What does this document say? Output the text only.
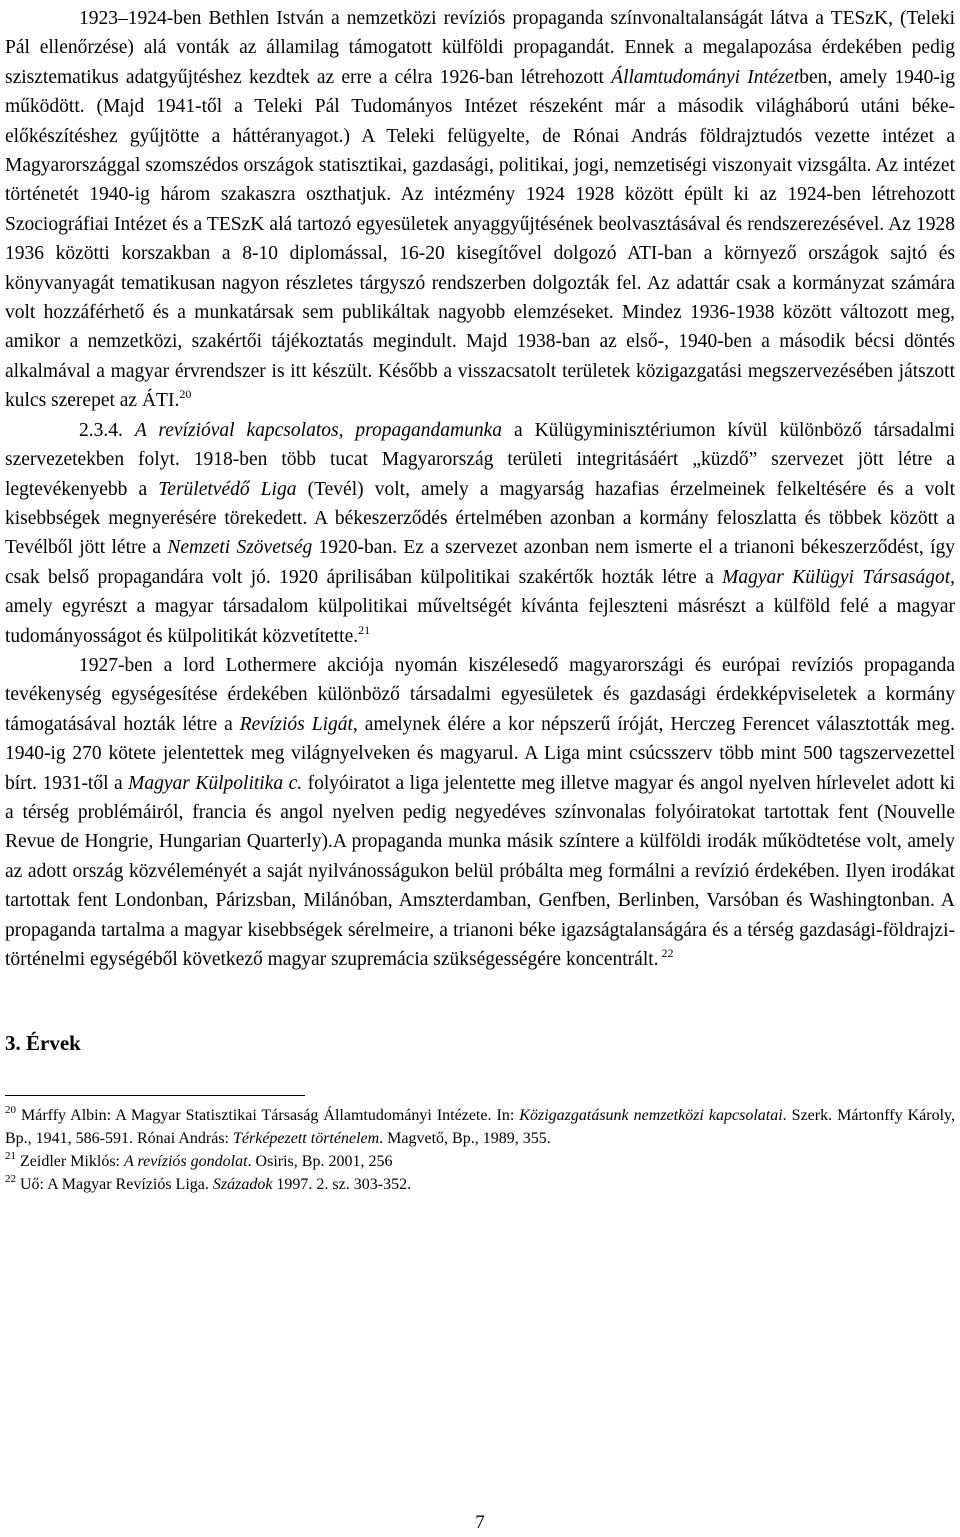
1923–1924-ben Bethlen István a nemzetközi revíziós propaganda színvonaltalanságát látva a TESzK, (Teleki Pál ellenőrzése) alá vonták az államilag támogatott külföldi propagandát. Ennek a megalapozása érdekében pedig szisztematikus adatgyűjtéshez kezdtek az erre a célra 1926-ban létrehozott Államtudományi Intézetben, amely 1940-ig működött. (Majd 1941-től a Teleki Pál Tudományos Intézet részeként már a második világháború utáni béke-előkészítéshez gyűjtötte a háttéranyagot.) A Teleki felügyelte, de Rónai András földrajztudós vezette intézet a Magyarországgal szomszédos országok statisztikai, gazdasági, politikai, jogi, nemzetiségi viszonyait vizsgálta. Az intézet történetét 1940-ig három szakaszra oszthatjuk. Az intézmény 1924 1928 között épült ki az 1924-ben létrehozott Szociográfiai Intézet és a TESzK alá tartozó egyesületek anyaggyűjtésének beolvasztásával és rendszerezésével. Az 1928 1936 közötti korszakban a 8-10 diplomással, 16-20 kisegítővel dolgozó ATI-ban a környező országok sajtó és könyvanyagát tematikusan nagyon részletes tárgyszó rendszerben dolgozták fel. Az adattár csak a kormányzat számára volt hozzáférhető és a munkatársak sem publikáltak nagyobb elemzéseket. Mindez 1936-1938 között változott meg, amikor a nemzetközi, szakértői tájékoztatás megindult. Majd 1938-ban az első-, 1940-ben a második bécsi döntés alkalmával a magyar érvrendszer is itt készült. Később a visszacsatolt területek közigazgatási megszervezésében játszott kulcs szerepet az ÁTI.$^{20}$

2.3.4. A revízióval kapcsolatos, propagandamunka a Külügyminisztériumon kívül különböző társadalmi szervezetekben folyt. 1918-ben több tucat Magyarország területi integritásáért „küzdő” szervezet jött létre a legtevékenyebb a Területvédő Liga (Tevél) volt, amely a magyarság hazafias érzelmeinek felkeltésére és a volt kisebbségek megnyerésére törekedett. A békeszerződés értelmében azonban a kormány feloszlatta és többek között a Tevélből jött létre a Nemzeti Szövetség 1920-ban. Ez a szervezet azonban nem ismerte el a trianoni békeszerződést, így csak belső propagandára volt jó. 1920 áprilisában külpolitikai szakértők hozták létre a Magyar Külügyi Társaságot, amely egyrészt a magyar társadalom külpolitikai műveltségét kívánta fejleszteni másrészt a külföld felé a magyar tudományosságot és külpolitikát közvetítette.$^{21}$

1927-ben a lord Lothermere akciója nyomán kiszélesedő magyarországi és európai revíziós propaganda tevékenység egységesítése érdekében különböző társadalmi egyesületek és gazdasági érdekképviseletek a kormány támogatásával hozták létre a Revíziós Ligát, amelynek élére a kor népszerű íróját, Herczeg Ferencet választották meg. 1940-ig 270 kötete jelentettek meg világnyelveken és magyarul. A Liga mint csúcsszerv több mint 500 tagszervezettel bírt. 1931-től a Magyar Külpolitika c. folyóiratot a liga jelentette meg illetve magyar és angol nyelven hírlevelet adott ki a térség problémáiról, francia és angol nyelven pedig negyedéves színvonalas folyóiratokat tartottak fent (Nouvelle Revue de Hongrie, Hungarian Quarterly).A propaganda munka másik színtere a külföldi irodák működtetése volt, amely az adott ország közvéleményét a saját nyilvánosságukon belül próbálta meg formálni a revízió érdekében. Ilyen irodákat tartottak fent Londonban, Párizsban, Milánóban, Amszterdamban, Genfben, Berlinben, Varsóban és Washingtonban. A propaganda tartalma a magyar kisebbségek sérelmeire, a trianoni béke igazságtalanságára és a térség gazdasági-földrajzi-történelmi egységéből következő magyar szupremácia szükségességére koncentrált. $^{22}$

3. Érvek

$^{20}$ Márffy Albin: A Magyar Statisztikai Társaság Államtudományi Intézete. In: Közigazgatásunk nemzetközi kapcsolatai. Szerk. Mártonffy Károly, Bp., 1941, 586-591. Rónai András: Térképezett történelem. Magvető, Bp., 1989, 355.

$^{21}$ Zeidler Miklós: A revíziós gondolat. Osiris, Bp. 2001, 256

$^{22}$ Uő: A Magyar Revíziós Liga. Századok 1997. 2. sz. 303-352.

7
